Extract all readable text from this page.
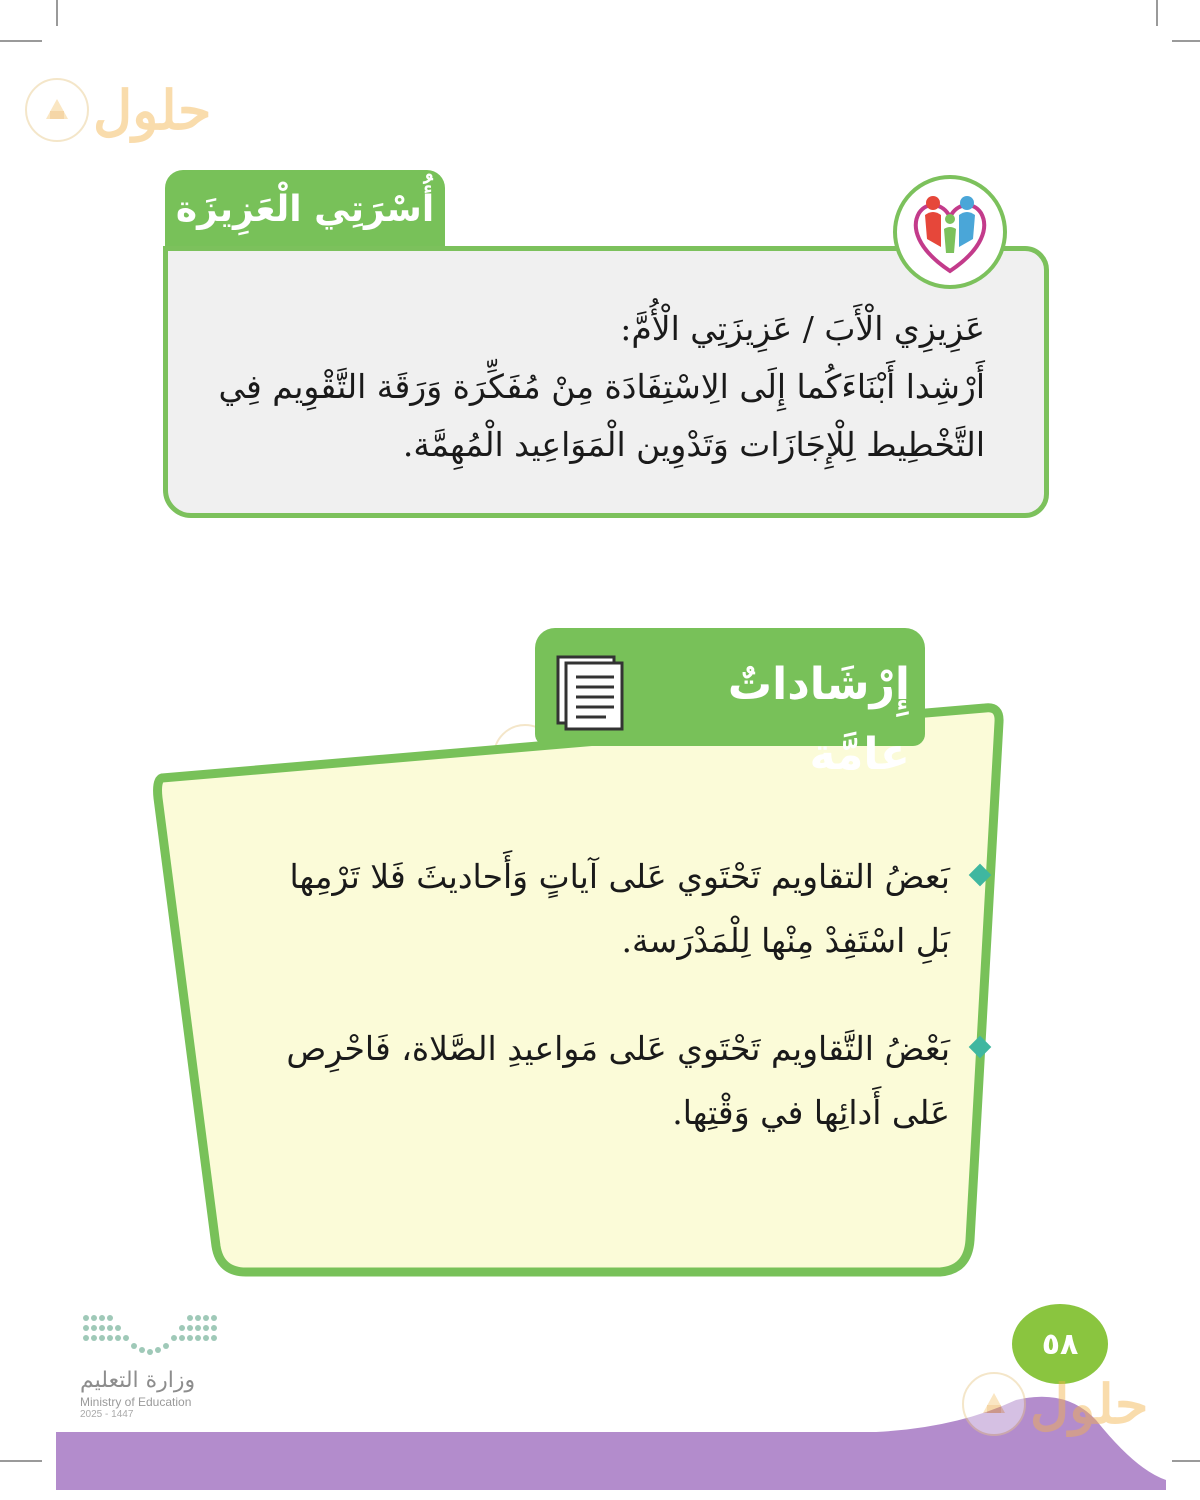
حلول
أُسْرَتِي الْعَزِيزَة

عَزِيزِي الْأَبَ / عَزِيزَتِي الْأُمَّ:

أَرْشِدا أَبْنَاءَكُما إِلَى الِاسْتِفَادَة مِنْ مُفَكِّرَة وَرَقَة التَّقْوِيم فِي التَّخْطِيط لِلْإِجَازَات وَتَدْوِين الْمَوَاعِيد الْمُهِمَّة.

إِرْشَاداتٌ عامَّة
بَعضُ التقاويم تَحْتَوي عَلى آياتٍ وَأَحاديثَ فَلا تَرْمِها بَلِ اسْتَفِدْ مِنْها لِلْمَدْرَسة.
بَعْضُ التَّقاويم تَحْتَوي عَلى مَواعيدِ الصَّلاة، فَاحْرِص عَلى أَدائِها في وَقْتِها.
٥٨
حلول
وزارة التعليم
Ministry of Education
2025 - 1447
